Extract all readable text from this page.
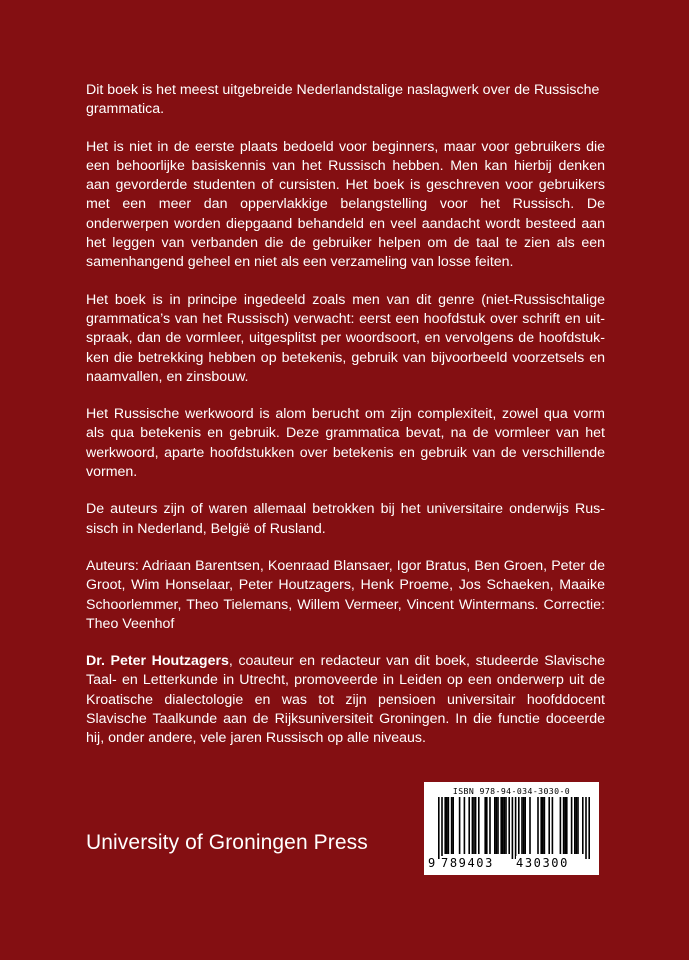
Dit boek is het meest uitgebreide Nederlandstalige naslagwerk over de Russische grammatica.

Het is niet in de eerste plaats bedoeld voor beginners, maar voor gebruikers die een behoorlijke basiskennis van het Russisch hebben. Men kan hierbij denken aan gevorderde studenten of cursisten. Het boek is geschreven voor gebruikers met een meer dan oppervlakkige belangstelling voor het Russisch. De onderwerpen worden diepgaand behandeld en veel aandacht wordt besteed aan het leggen van verbanden die de gebruiker helpen om de taal te zien als een samenhangend geheel en niet als een verzameling van losse feiten.

Het boek is in principe ingedeeld zoals men van dit genre (niet-Russischtalige grammatica’s van het Russisch) verwacht: eerst een hoofdstuk over schrift en uitspraak, dan de vormleer, uitgesplitst per woordsoort, en vervolgens de hoofdstukken die betrekking hebben op betekenis, gebruik van bijvoorbeeld voorzetsels en naamvallen, en zinsbouw.

Het Russische werkwoord is alom berucht om zijn complexiteit, zowel qua vorm als qua betekenis en gebruik. Deze grammatica bevat, na de vormleer van het werkwoord, aparte hoofdstukken over betekenis en gebruik van de verschillende vormen.

De auteurs zijn of waren allemaal betrokken bij het universitaire onderwijs Russisch in Nederland, België of Rusland.

Auteurs: Adriaan Barentsen, Koenraad Blansaer, Igor Bratus, Ben Groen, Peter de Groot, Wim Honselaar, Peter Houtzagers, Henk Proeme, Jos Schaeken, Maaike Schoorlemmer, Theo Tielemans, Willem Vermeer, Vincent Wintermans. Correctie: Theo Veenhof

Dr. Peter Houtzagers, coauteur en redacteur van dit boek, studeerde Slavische Taal- en Letterkunde in Utrecht, promoveerde in Leiden op een onderwerp uit de Kroatische dialectologie en was tot zijn pensioen universitair hoofddocent Slavische Taalkunde aan de Rijksuniversiteit Groningen. In die functie doceerde hij, onder andere, vele jaren Russisch op alle niveaus.

University of Groningen Press
ISBN 978-94-034-3030-0
9 789403 430300
